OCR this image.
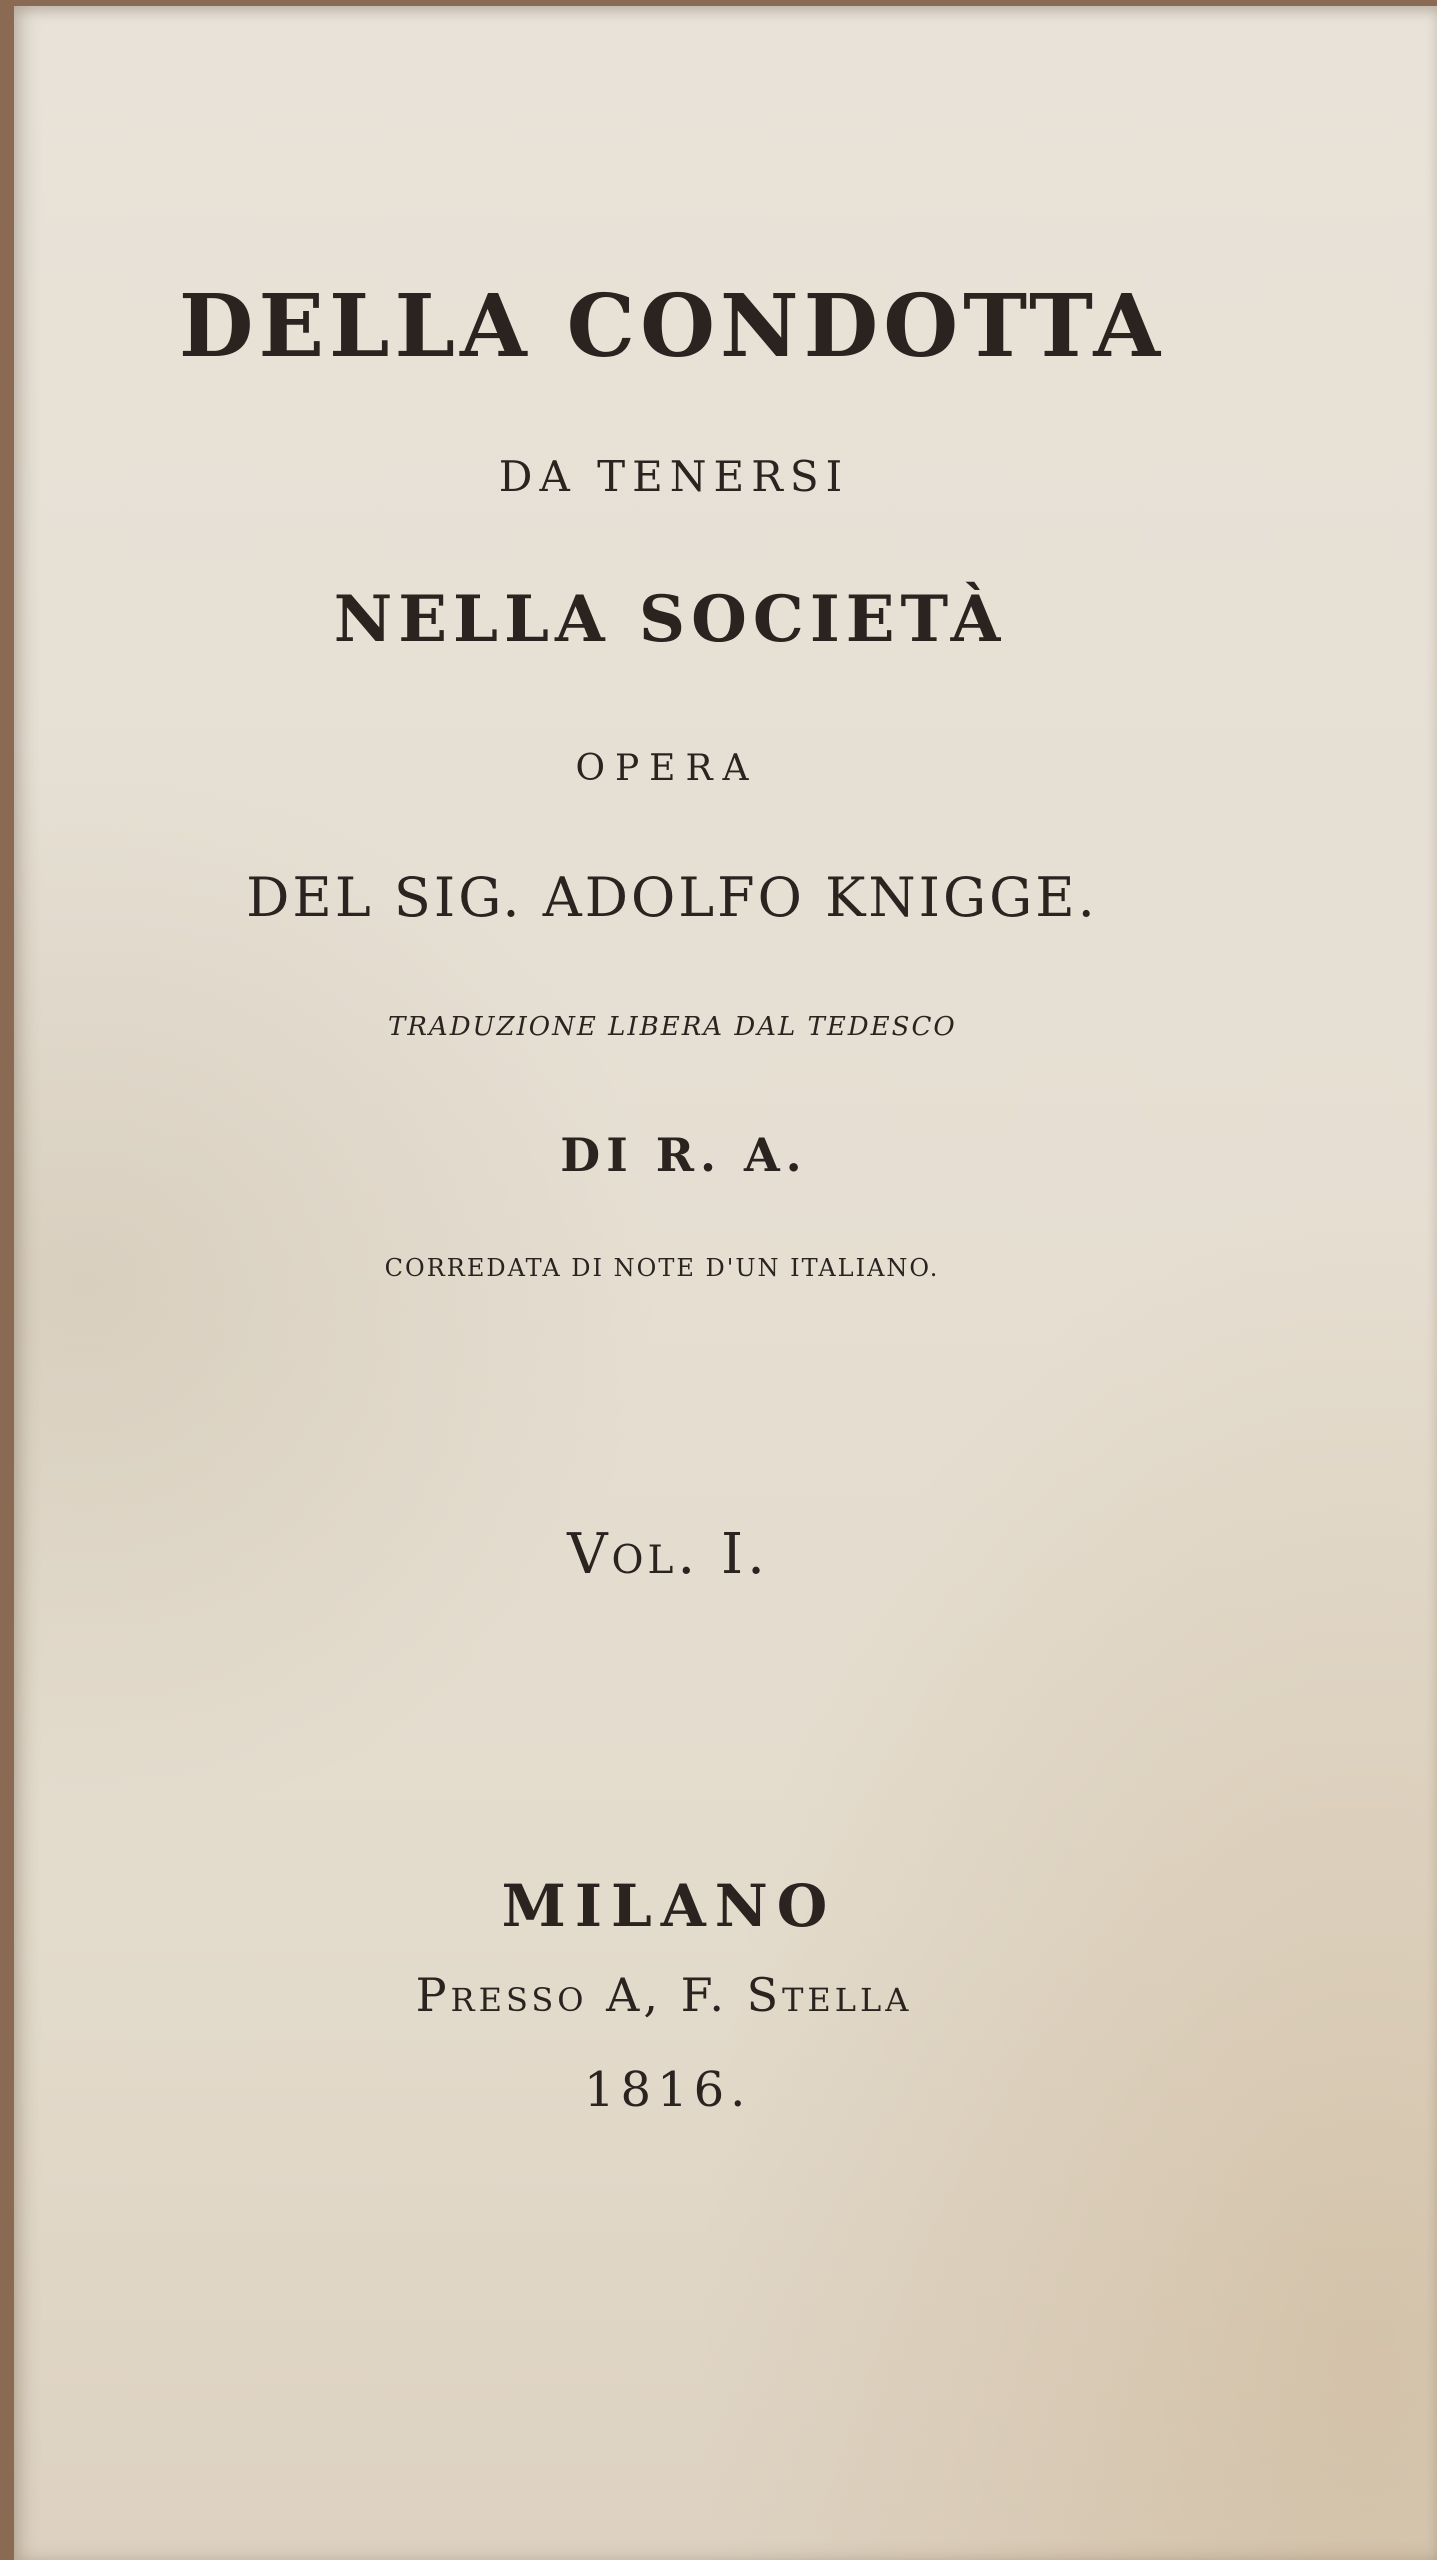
DELLA CONDOTTA
DA TENERSI
NELLA SOCIETÀ
OPERA
DEL SIG. ADOLFO KNIGGE.
TRADUZIONE LIBERA DAL TEDESCO
DI R. A.
CORREDATA DI NOTE D'UN ITALIANO.
Vol. I.
MILANO
Presso A, F. Stella
1816.
